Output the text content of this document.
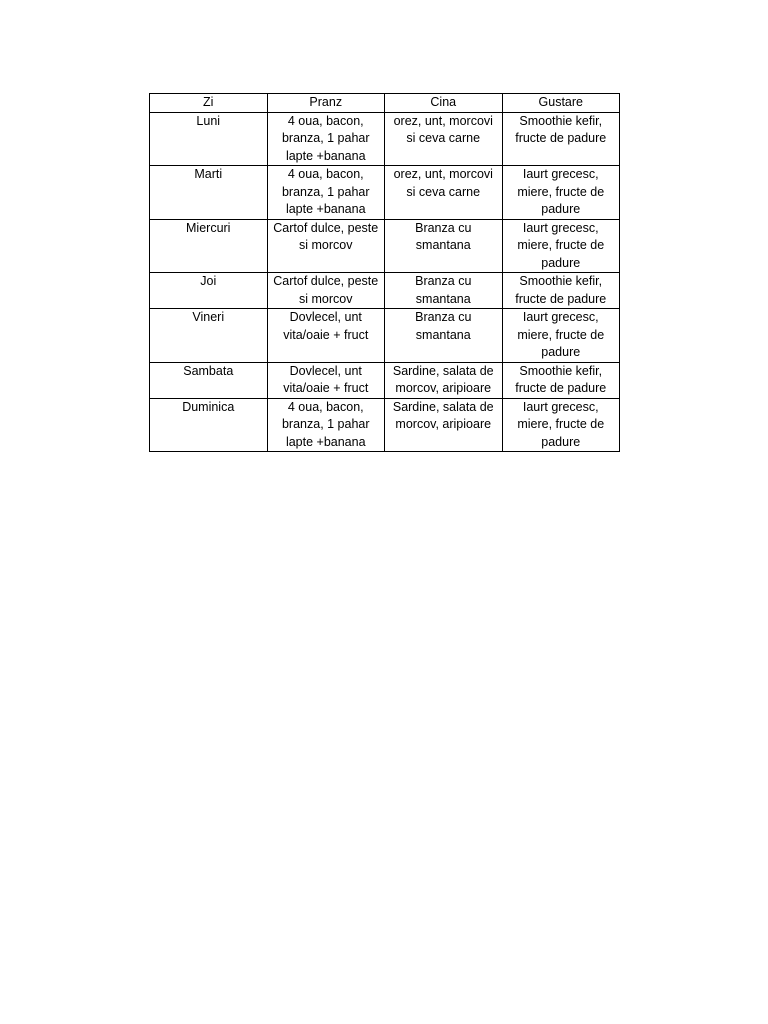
Zi	Pranz	Cina	Gustare
Luni	4 oua, bacon, branza, 1 pahar lapte +banana	orez, unt, morcovi si ceva carne	Smoothie kefir, fructe de padure
Marti	4 oua, bacon, branza, 1 pahar lapte +banana	orez, unt, morcovi si ceva carne	Iaurt grecesc, miere, fructe de padure
Miercuri	Cartof dulce, peste si morcov	Branza cu smantana	Iaurt grecesc, miere, fructe de padure
Joi	Cartof dulce, peste si morcov	Branza cu smantana	Smoothie kefir, fructe de padure
Vineri	Dovlecel, unt vita/oaie + fruct	Branza cu smantana	Iaurt grecesc, miere, fructe de padure
Sambata	Dovlecel, unt vita/oaie + fruct	Sardine, salata de morcov, aripioare	Smoothie kefir, fructe de padure
Duminica	4 oua, bacon, branza, 1 pahar lapte +banana	Sardine, salata de morcov, aripioare	Iaurt grecesc, miere, fructe de padure
